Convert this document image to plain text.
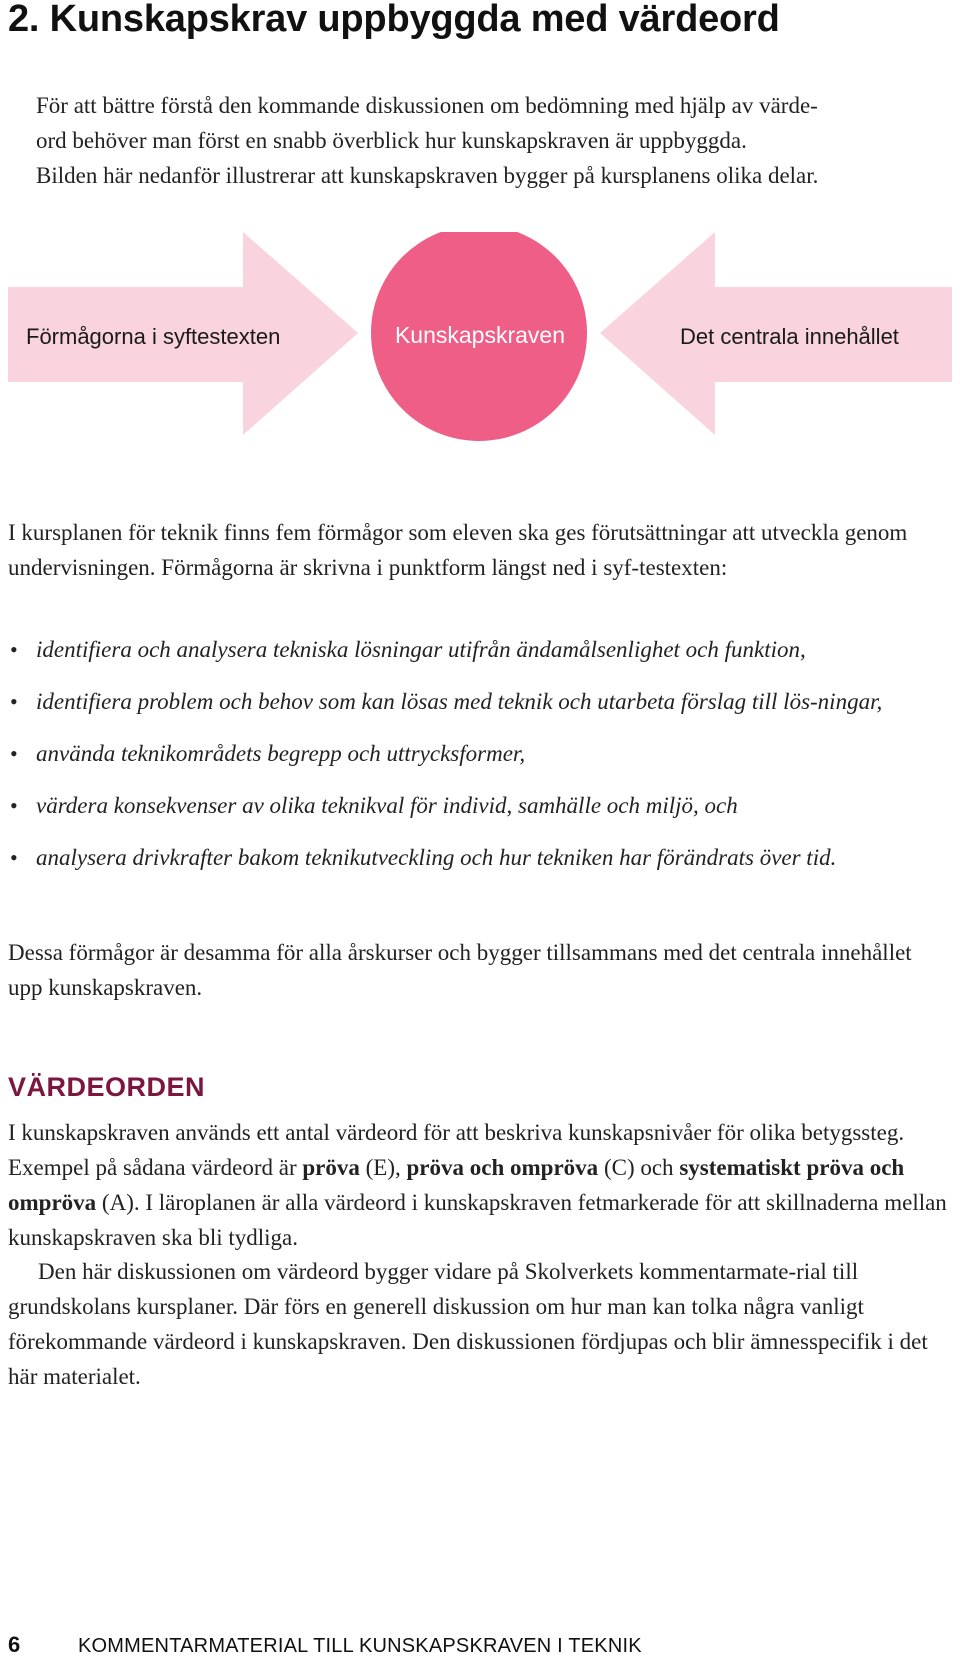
2. Kunskapskrav uppbyggda med värdeord

För att bättre förstå den kommande diskussionen om bedömning med hjälp av värde-
ord behöver man först en snabb överblick hur kunskapskraven är uppbyggda.
Bilden här nedanför illustrerar att kunskapskraven bygger på kursplanens olika delar.

Förmågorna i syftestexten	Kunskapskraven	Det centrala innehållet

I kursplanen för teknik finns fem förmågor som eleven ska ges förutsättningar att utveckla genom undervisningen. Förmågorna är skrivna i punktform längst ned i syf-testexten:

• identifiera och analysera tekniska lösningar utifrån ändamålsenlighet och funktion,
• identifiera problem och behov som kan lösas med teknik och utarbeta förslag till lös-ningar,
• använda teknikområdets begrepp och uttrycksformer,
• värdera konsekvenser av olika teknikval för individ, samhälle och miljö, och
• analysera drivkrafter bakom teknikutveckling och hur tekniken har förändrats över tid.

Dessa förmågor är desamma för alla årskurser och bygger tillsammans med det centrala innehållet upp kunskapskraven.

VÄRDEORDEN

I kunskapskraven används ett antal värdeord för att beskriva kunskapsnivåer för olika betygssteg. Exempel på sådana värdeord är pröva (E), pröva och ompröva (C) och systematiskt pröva och ompröva (A). I läroplanen är alla värdeord i kunskapskraven fetmarkerade för att skillnaderna mellan kunskapskraven ska bli tydliga.

Den här diskussionen om värdeord bygger vidare på Skolverkets kommentarmate-rial till grundskolans kursplaner. Där förs en generell diskussion om hur man kan tolka några vanligt förekommande värdeord i kunskapskraven. Den diskussionen fördjupas och blir ämnesspecifik i det här materialet.

6	KOMMENTARMATERIAL TILL KUNSKAPSKRAVEN I TEKNIK
